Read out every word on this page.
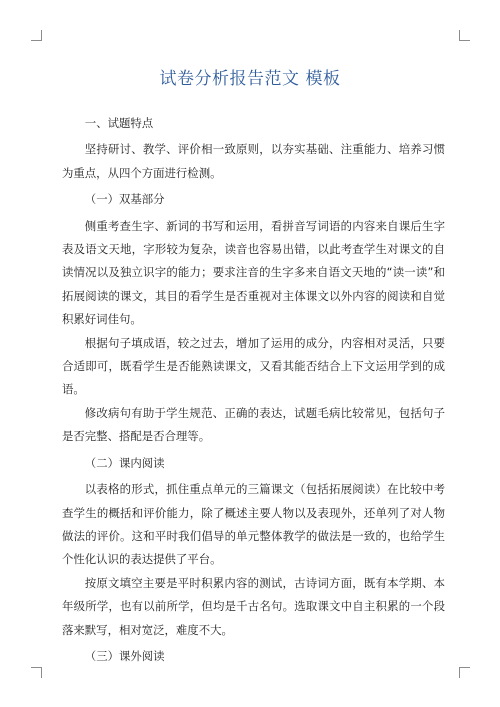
试卷分析报告范文 模板

一、试题特点

坚持研讨、教学、评价相一致原则，以夯实基础、注重能力、培养习惯为重点，从四个方面进行检测。

（一）双基部分

侧重考查生字、新词的书写和运用，看拼音写词语的内容来自课后生字表及语文天地，字形较为复杂，读音也容易出错，以此考查学生对课文的自读情况以及独立识字的能力；要求注音的生字多来自语文天地的“读一读”和拓展阅读的课文，其目的看学生是否重视对主体课文以外内容的阅读和自觉积累好词佳句。

根据句子填成语，较之过去，增加了运用的成分，内容相对灵活，只要合适即可，既看学生是否能熟读课文，又看其能否结合上下文运用学到的成语。

修改病句有助于学生规范、正确的表达，试题毛病比较常见，包括句子是否完整、搭配是否合理等。

（二）课内阅读

以表格的形式，抓住重点单元的三篇课文（包括拓展阅读）在比较中考查学生的概括和评价能力，除了概述主要人物以及表现外，还单列了对人物做法的评价。这和平时我们倡导的单元整体教学的做法是一致的，也给学生个性化认识的表达提供了平台。

按原文填空主要是平时积累内容的测试，古诗词方面，既有本学期、本年级所学，也有以前所学，但均是千古名句。选取课文中自主积累的一个段落来默写，相对宽泛，难度不大。

（三）课外阅读
